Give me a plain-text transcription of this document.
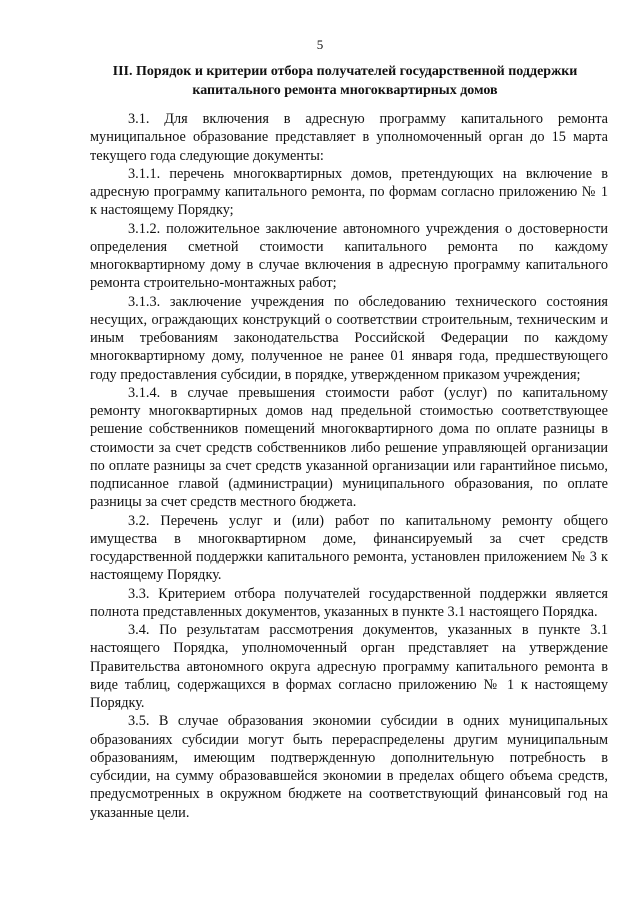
5
III. Порядок и критерии отбора получателей государственной поддержки капитального ремонта многоквартирных домов

3.1. Для включения в адресную программу капитального ремонта муниципальное образование представляет в уполномоченный орган до 15 марта текущего года следующие документы:

3.1.1. перечень многоквартирных домов, претендующих на включение в адресную программу капитального ремонта, по формам согласно приложению № 1 к настоящему Порядку;

3.1.2. положительное заключение автономного учреждения о достоверности определения сметной стоимости капитального ремонта по каждому многоквартирному дому в случае включения в адресную программу капитального ремонта строительно-монтажных работ;

3.1.3. заключение учреждения по обследованию технического состояния несущих, ограждающих конструкций о соответствии строительным, техническим и иным требованиям законодательства Российской Федерации по каждому многоквартирному дому, полученное не ранее 01 января года, предшествующего году предоставления субсидии, в порядке, утвержденном приказом учреждения;

3.1.4. в случае превышения стоимости работ (услуг) по капитальному ремонту многоквартирных домов над предельной стоимостью соответствующее решение собственников помещений многоквартирного дома по оплате разницы в стоимости за счет средств собственников либо решение управляющей организации по оплате разницы за счет средств указанной организации или гарантийное письмо, подписанное главой (администрации) муниципального образования, по оплате разницы за счет средств местного бюджета.

3.2. Перечень услуг и (или) работ по капитальному ремонту общего имущества в многоквартирном доме, финансируемый за счет средств государственной поддержки капитального ремонта, установлен приложением № 3 к настоящему Порядку.

3.3. Критерием отбора получателей государственной поддержки является полнота представленных документов, указанных в пункте 3.1 настоящего Порядка.

3.4. По результатам рассмотрения документов, указанных в пункте 3.1 настоящего Порядка, уполномоченный орган представляет на утверждение Правительства автономного округа адресную программу капитального ремонта в виде таблиц, содержащихся в формах согласно приложению № 1 к настоящему Порядку.

3.5. В случае образования экономии субсидии в одних муниципальных образованиях субсидии могут быть перераспределены другим муниципальным образованиям, имеющим подтвержденную дополнительную потребность в субсидии, на сумму образовавшейся экономии в пределах общего объема средств, предусмотренных в окружном бюджете на соответствующий финансовый год на указанные цели.
